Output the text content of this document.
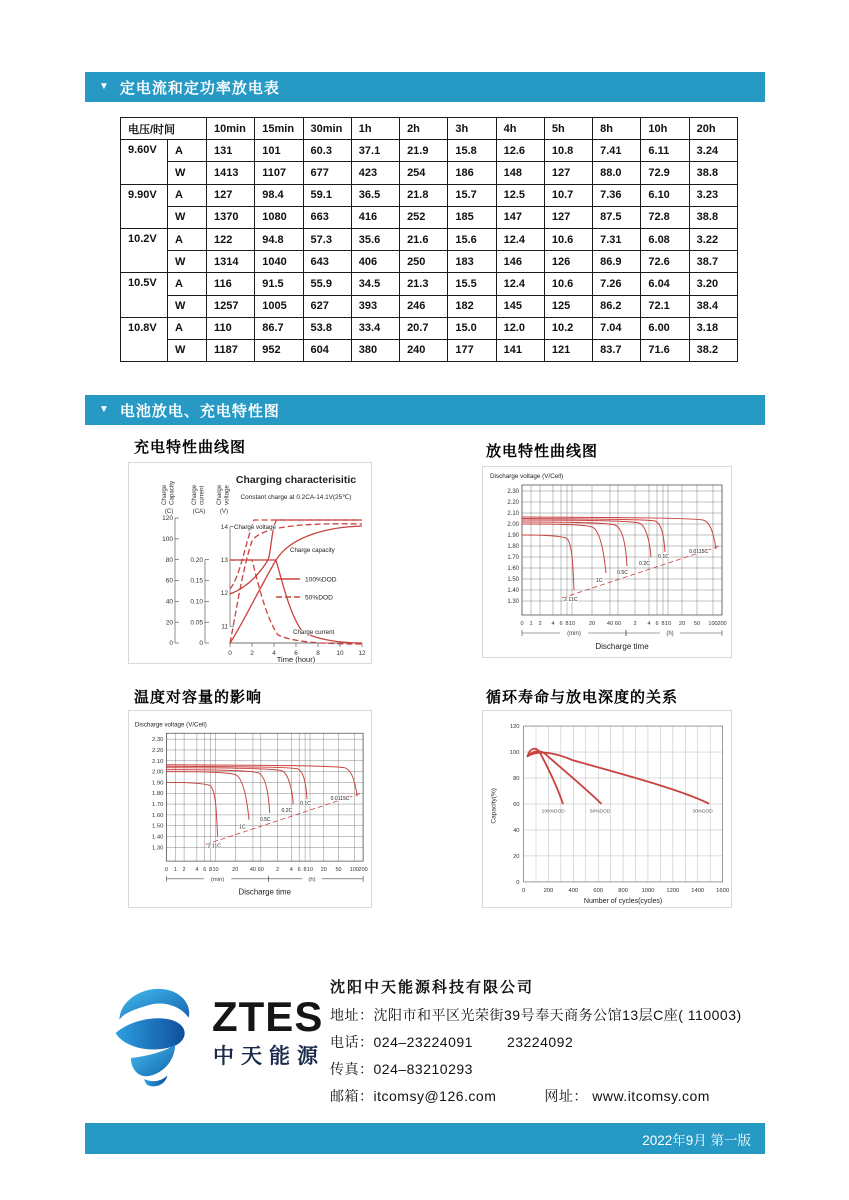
▼ 定电流和定功率放电表
电压/时间		10min	15min	30min	1h	2h	3h	4h	5h	8h	10h	20h
9.60V	A	131	101	60.3	37.1	21.9	15.8	12.6	10.8	7.41	6.11	3.24
	W	1413	1107	677	423	254	186	148	127	88.0	72.9	38.8
9.90V	A	127	98.4	59.1	36.5	21.8	15.7	12.5	10.7	7.36	6.10	3.23
	W	1370	1080	663	416	252	185	147	127	87.5	72.8	38.8
10.2V	A	122	94.8	57.3	35.6	21.6	15.6	12.4	10.6	7.31	6.08	3.22
	W	1314	1040	643	406	250	183	146	126	86.9	72.6	38.7
10.5V	A	116	91.5	55.9	34.5	21.3	15.5	12.4	10.6	7.26	6.04	3.20
	W	1257	1005	627	393	246	182	145	125	86.2	72.1	38.4
10.8V	A	110	86.7	53.8	33.4	20.7	15.0	12.0	10.2	7.04	6.00	3.18
	W	1187	952	604	380	240	177	141	121	83.7	71.6	38.2
▼ 电池放电、充电特性图
充电特性曲线图	放电特性曲线图
温度对容量的影响	循环寿命与放电深度的关系
Charging characterisitic
Constant charge at 0.2CA-14.1V(25℃)
ChargeCapacity
(C)
120
100
80
60
40
20
0
Chargecurrent
(CA)
0.20
0.15
0.10
0.05
0
Chargevoltage
(V)
14
13
12
11
0	2	4	6	8	10 12
Time (hour)
Charge voltage
Charge capacity
Charge current
100%DOD
50%DOD
Discharge voltage (V/Cell)
2.30
2.20
2.10
2.00
1.90
1.80
1.70
1.60
1.50
1.40
1.30
0 1 2 4 6 8 10 20 40 60 2 4 6 8 10 20 50 100 200
(min)	(h)
Discharge time
2.11C
1C
0.5C
0.2C
0.1C
0.0115C
Discharge voltage (V/Cell)
2.30
2.20
2.10
2.00
1.90
1.80
1.70
1.60
1.50
1.40
1.30
0 1 2 4 6 8 10 20 40 60 2 4 6 8 10 20 50 100 200
(min)	(h)
Discharge time
2.11C
1C
0.5C
0.2C
0.1C
0.0115C
120
100
80
60
40
20
0
0	200	400	600	800 1000 1200 1400 1600
Capacity(%)
Number of cycles(cycles)
100%DOD	50%DOD	30%DOD
ZTES
中天能源
沈阳中天能源科技有限公司
地址：沈阳市和平区光荣街39号奉天商务公馆13层C座( 110003)
电话：024–23224091 23224092
传真：024–83210293
邮箱：itcomsy@126.com	网址： www.itcomsy.com
2022年9月 第一版
